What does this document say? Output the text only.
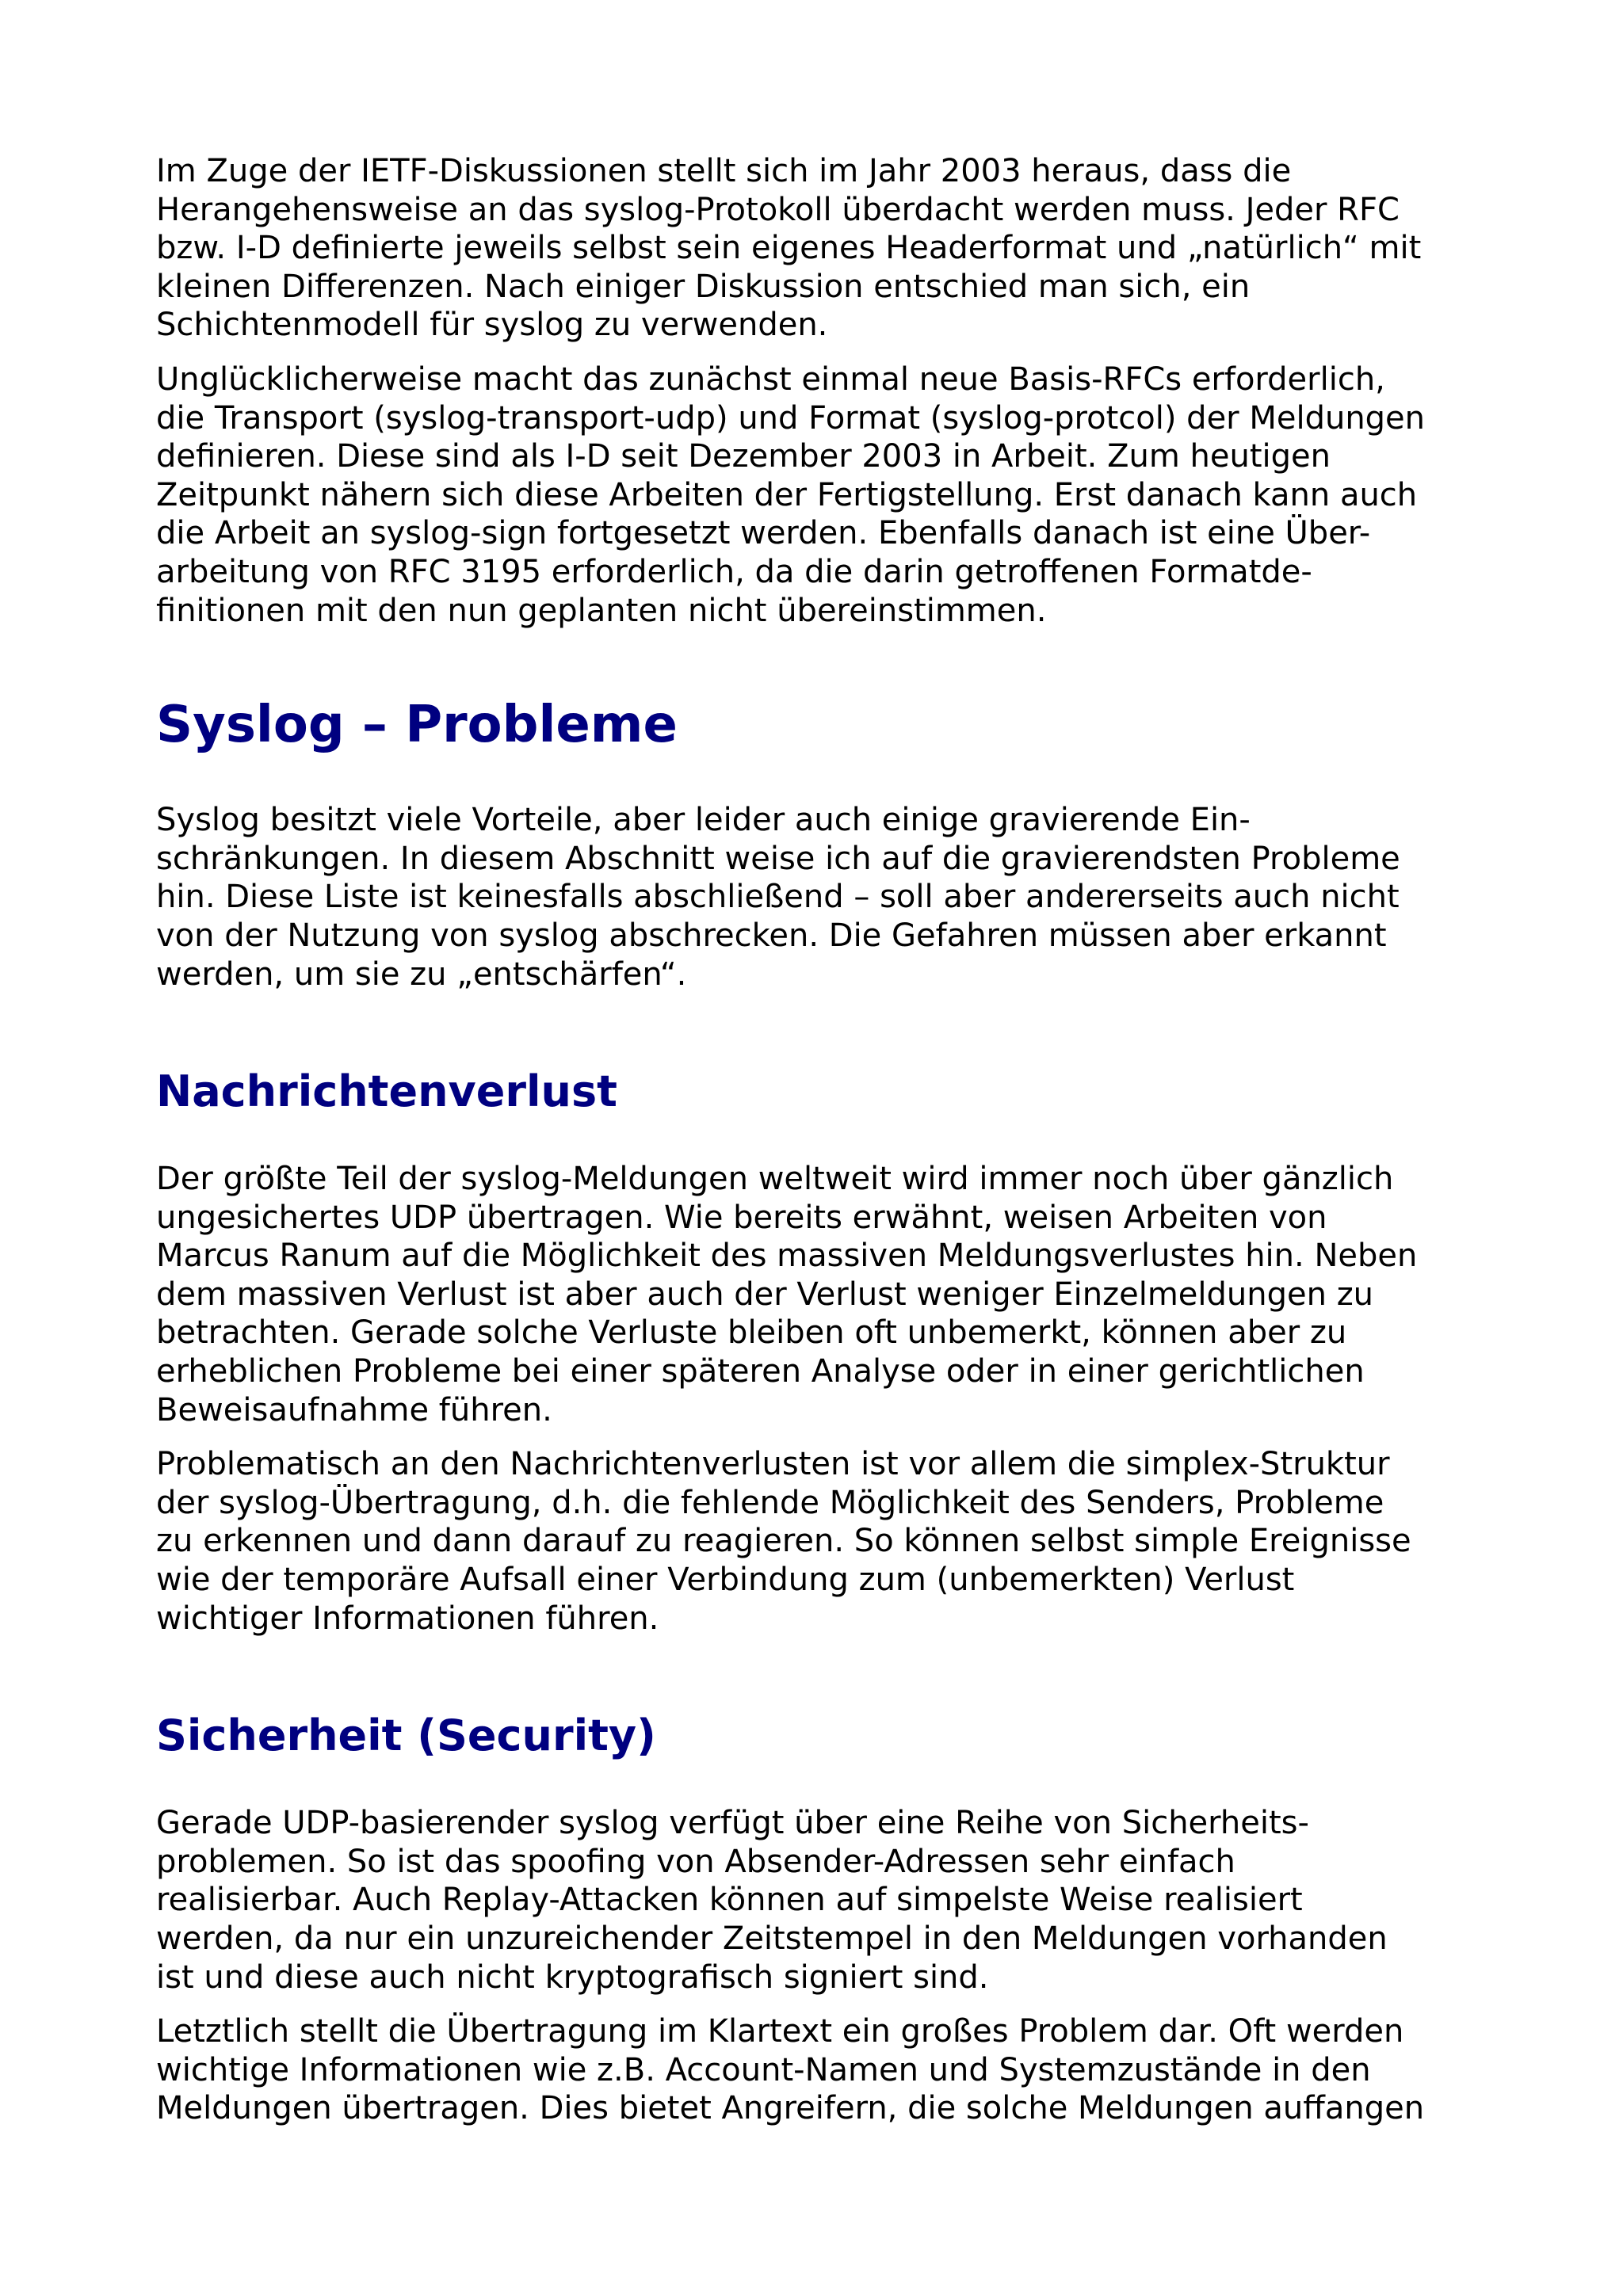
Im Zuge der IETF-Diskussionen stellt sich im Jahr 2003 heraus, dass die
Herangehensweise an das syslog-Protokoll überdacht werden muss. Jeder RFC
bzw. I-D definierte jeweils selbst sein eigenes Headerformat und „natürlich“ mit
kleinen Differenzen. Nach einiger Diskussion entschied man sich, ein
Schichtenmodell für syslog zu verwenden.

Unglücklicherweise macht das zunächst einmal neue Basis-RFCs erforderlich,
die Transport (syslog-transport-udp) und Format (syslog-protcol) der Meldungen
definieren. Diese sind als I-D seit Dezember 2003 in Arbeit. Zum heutigen
Zeitpunkt nähern sich diese Arbeiten der Fertigstellung. Erst danach kann auch
die Arbeit an syslog-sign fortgesetzt werden. Ebenfalls danach ist eine Über-
arbeitung von RFC 3195 erforderlich, da die darin getroffenen Formatde-
finitionen mit den nun geplanten nicht übereinstimmen.

Syslog – Probleme

Syslog besitzt viele Vorteile, aber leider auch einige gravierende Ein-
schränkungen. In diesem Abschnitt weise ich auf die gravierendsten Probleme
hin. Diese Liste ist keinesfalls abschließend – soll aber andererseits auch nicht
von der Nutzung von syslog abschrecken. Die Gefahren müssen aber erkannt
werden, um sie zu „entschärfen“.

Nachrichtenverlust

Der größte Teil der syslog-Meldungen weltweit wird immer noch über gänzlich
ungesichertes UDP übertragen. Wie bereits erwähnt, weisen Arbeiten von
Marcus Ranum auf die Möglichkeit des massiven Meldungsverlustes hin. Neben
dem massiven Verlust ist aber auch der Verlust weniger Einzelmeldungen zu
betrachten. Gerade solche Verluste bleiben oft unbemerkt, können aber zu
erheblichen Probleme bei einer späteren Analyse oder in einer gerichtlichen
Beweisaufnahme führen.

Problematisch an den Nachrichtenverlusten ist vor allem die simplex-Struktur
der syslog-Übertragung, d.h. die fehlende Möglichkeit des Senders, Probleme
zu erkennen und dann darauf zu reagieren. So können selbst simple Ereignisse
wie der temporäre Aufsall einer Verbindung zum (unbemerkten) Verlust
wichtiger Informationen führen.

Sicherheit (Security)

Gerade UDP-basierender syslog verfügt über eine Reihe von Sicherheits-
problemen. So ist das spoofing von Absender-Adressen sehr einfach
realisierbar. Auch Replay-Attacken können auf simpelste Weise realisiert
werden, da nur ein unzureichender Zeitstempel in den Meldungen vorhanden
ist und diese auch nicht kryptografisch signiert sind.

Letztlich stellt die Übertragung im Klartext ein großes Problem dar. Oft werden
wichtige Informationen wie z.B. Account-Namen und Systemzustände in den
Meldungen übertragen. Dies bietet Angreifern, die solche Meldungen auffangen
